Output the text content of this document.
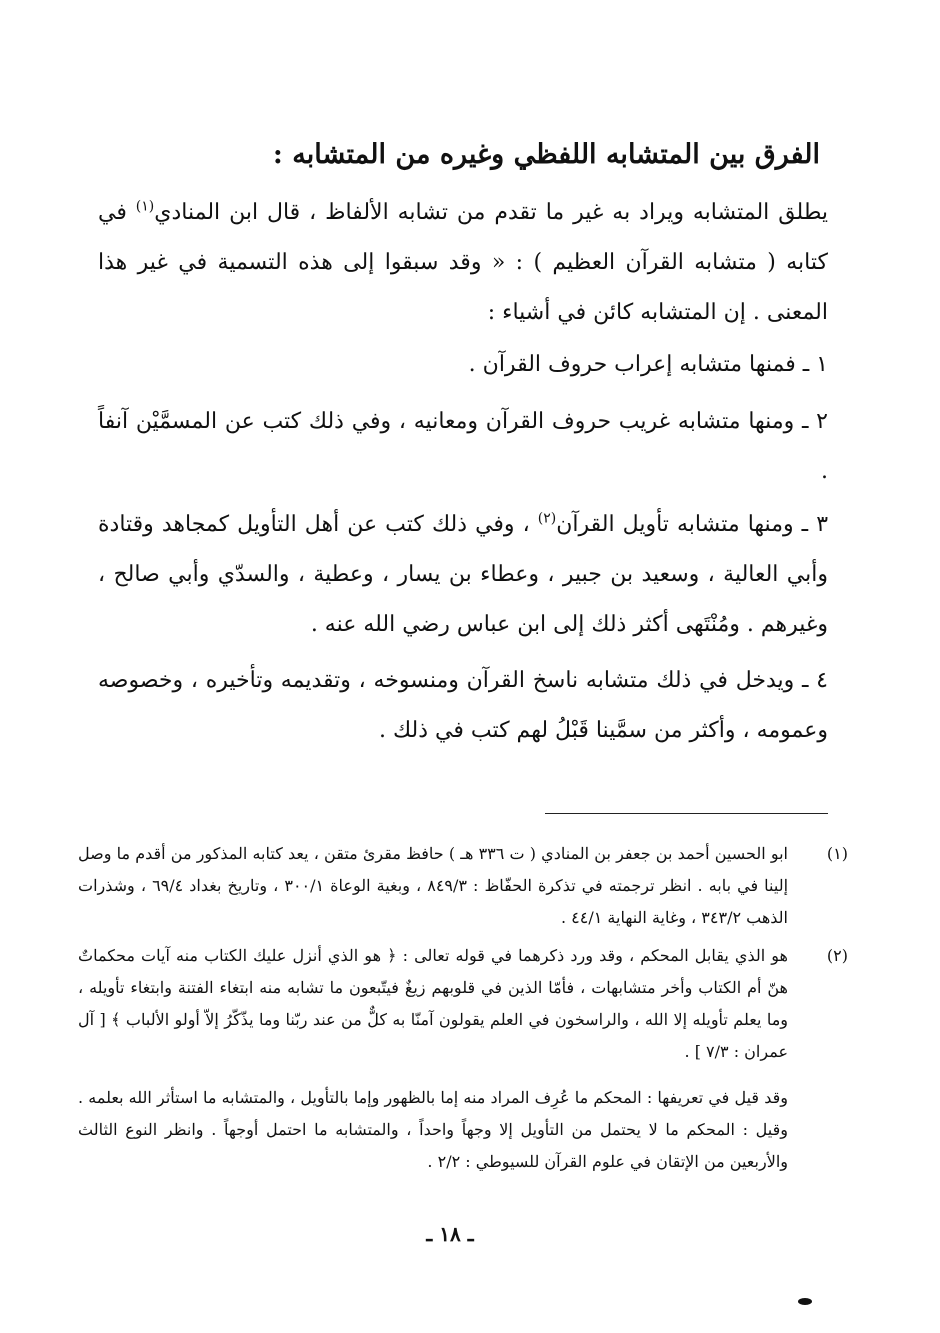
الفرق بين المتشابه اللفظي وغيره من المتشابه :

يطلق المتشابه ويراد به غير ما تقدم من تشابه الألفاظ ، قال ابن المنادي$^{(١)}$ في كتابه ( متشابه القرآن العظيم ) : « وقد سبقوا إلى هذه التسمية في غير هذا المعنى . إن المتشابه كائن في أشياء :

١ ـ فمنها متشابه إعراب حروف القرآن .

٢ ـ ومنها متشابه غريب حروف القرآن ومعانيه ، وفي ذلك كتب عن المسمَّيْن آنفاً .

٣ ـ ومنها متشابه تأويل القرآن$^{(٢)}$ ، وفي ذلك كتب عن أهل التأويل كمجاهد وقتادة وأبي العالية ، وسعيد بن جبير ، وعطاء بن يسار ، وعطية ، والسدّي وأبي صالح ، وغيرهم . ومُنْتَهى أكثر ذلك إلى ابن عباس رضي الله عنه .

٤ ـ ويدخل في ذلك متشابه ناسخ القرآن ومنسوخه ، وتقديمه وتأخيره ، وخصوصه وعمومه ، وأكثر من سمَّينا قَبْلُ لهم كتب في ذلك .

(١)
ابو الحسين أحمد بن جعفر بن المنادي ( ت ٣٣٦ هـ ) حافظ مقرئ متقن ، يعد كتابه المذكور من أقدم ما وصل إلينا في بابه . انظر ترجمته في تذكرة الحفّاظ : ٨٤٩/٣ ، وبغية الوعاة ٣٠٠/١ ، وتاريخ بغداد ٦٩/٤ ، وشذرات الذهب ٣٤٣/٢ ، وغاية النهاية ٤٤/١ .
(٢)
هو الذي يقابل المحكم ، وقد ورد ذكرهما في قوله تعالى : ﴿ هو الذي أنزل عليك الكتاب منه آيات محكماتٌ هنّ أم الكتاب وأخر متشابهات ، فأمّا الذين في قلوبهم زيغٌ فيتّبعون ما تشابه منه ابتغاء الفتنة وابتغاء تأويله ، وما يعلم تأويله إلا الله ، والراسخون في العلم يقولون آمنّا به كلٌّ من عند ربّنا وما يذّكّرُ إلاّ أولو الألباب ﴾ [ آل عمران : ٧/٣ ] .
وقد قيل في تعريفها : المحكم ما عُرِف المراد منه إما بالظهور وإما بالتأويل ، والمتشابه ما استأثر الله بعلمه . وقيل : المحكم ما لا يحتمل من التأويل إلا وجهاً واحداً ، والمتشابه ما احتمل أوجهاً . وانظر النوع الثالث والأربعين من الإتقان في علوم القرآن للسيوطي : ٢/٢ .
ـ ١٨ ـ
